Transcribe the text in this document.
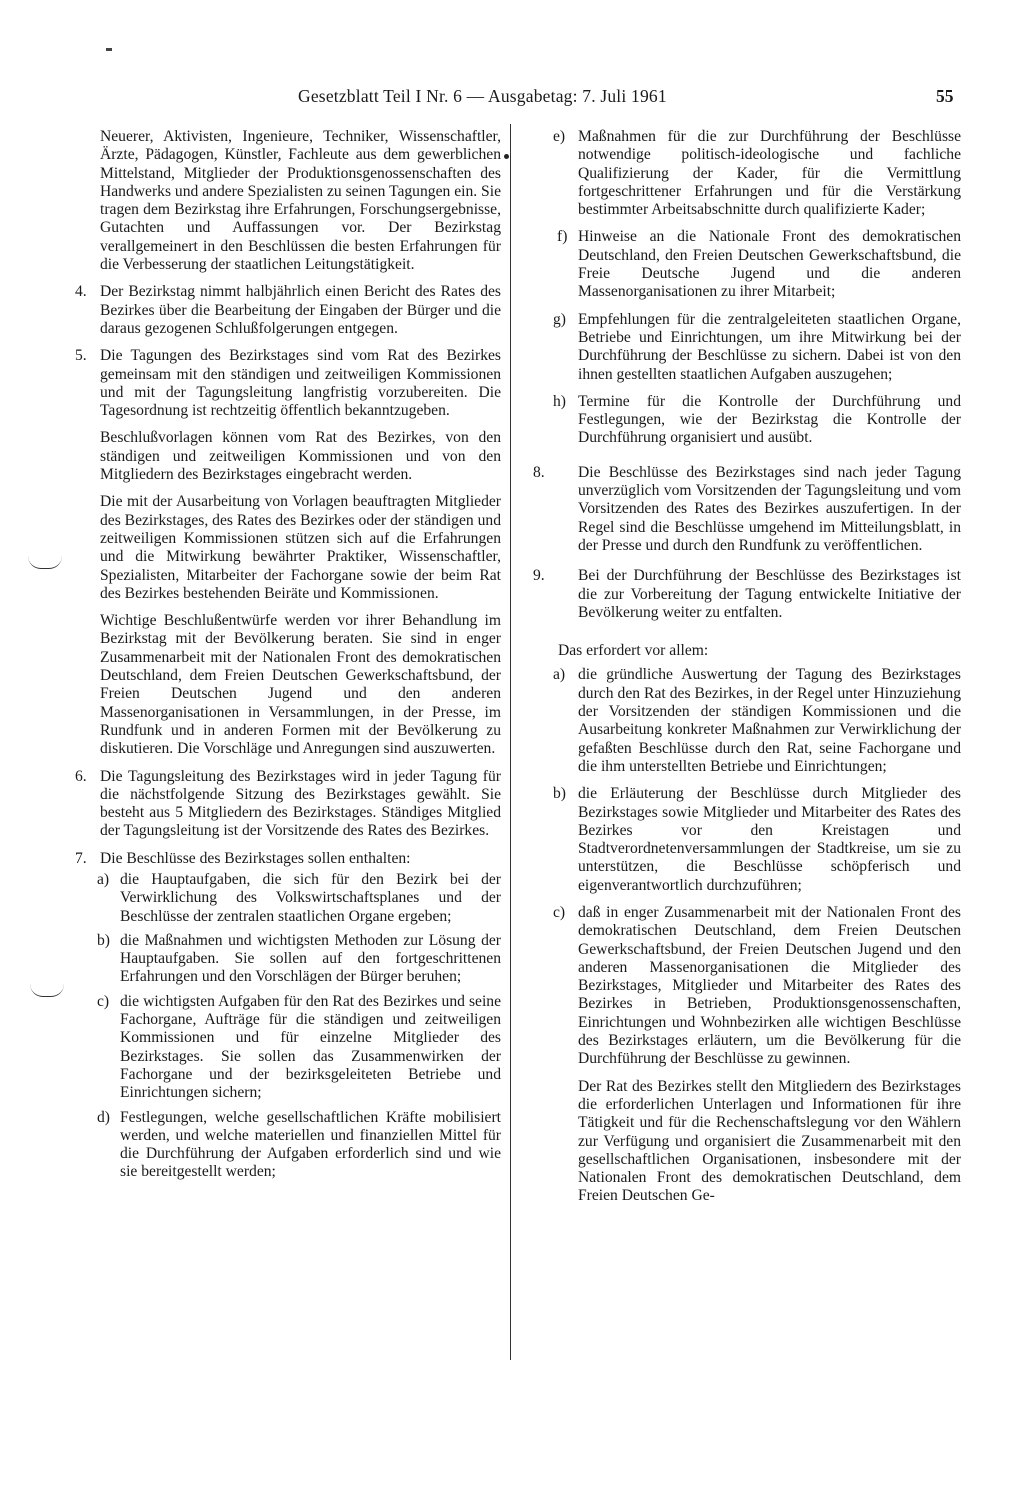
Gesetzblatt Teil I Nr. 6 — Ausgabetag: 7. Juli 1961	55
Neuerer, Aktivisten, Ingenieure, Techniker, Wissenschaftler, Ärzte, Pädagogen, Künstler, Fachleute aus dem gewerblichen Mittelstand, Mitglieder der Produktionsgenossenschaften des Handwerks und andere Spezialisten zu seinen Tagungen ein. Sie tragen dem Bezirkstag ihre Erfahrungen, Forschungsergebnisse, Gutachten und Auffassungen vor. Der Bezirkstag verallgemeinert in den Beschlüssen die besten Erfahrungen für die Verbesserung der staatlichen Leitungstätigkeit.
4. Der Bezirkstag nimmt halbjährlich einen Bericht des Rates des Bezirkes über die Bearbeitung der Eingaben der Bürger und die daraus gezogenen Schlußfolgerungen entgegen.
5. Die Tagungen des Bezirkstages sind vom Rat des Bezirkes gemeinsam mit den ständigen und zeitweiligen Kommissionen und mit der Tagungsleitung langfristig vorzubereiten. Die Tagesordnung ist rechtzeitig öffentlich bekanntzugeben.
Beschlußvorlagen können vom Rat des Bezirkes, von den ständigen und zeitweiligen Kommissionen und von den Mitgliedern des Bezirkstages eingebracht werden.
Die mit der Ausarbeitung von Vorlagen beauftragten Mitglieder des Bezirkstages, des Rates des Bezirkes oder der ständigen und zeitweiligen Kommissionen stützen sich auf die Erfahrungen und die Mitwirkung bewährter Praktiker, Wissenschaftler, Spezialisten, Mitarbeiter der Fachorgane sowie der beim Rat des Bezirkes bestehenden Beiräte und Kommissionen.
Wichtige Beschlußentwürfe werden vor ihrer Behandlung im Bezirkstag mit der Bevölkerung beraten. Sie sind in enger Zusammenarbeit mit der Nationalen Front des demokratischen Deutschland, dem Freien Deutschen Gewerkschaftsbund, der Freien Deutschen Jugend und den anderen Massenorganisationen in Versammlungen, in der Presse, im Rundfunk und in anderen Formen mit der Bevölkerung zu diskutieren. Die Vorschläge und Anregungen sind auszuwerten.
6. Die Tagungsleitung des Bezirkstages wird in jeder Tagung für die nächstfolgende Sitzung des Bezirkstages gewählt. Sie besteht aus 5 Mitgliedern des Bezirkstages. Ständiges Mitglied der Tagungsleitung ist der Vorsitzende des Rates des Bezirkes.
7. Die Beschlüsse des Bezirkstages sollen enthalten:
a) die Hauptaufgaben, die sich für den Bezirk bei der Verwirklichung des Volkswirtschaftsplanes und der Beschlüsse der zentralen staatlichen Organe ergeben;
b) die Maßnahmen und wichtigsten Methoden zur Lösung der Hauptaufgaben. Sie sollen auf den fortgeschrittenen Erfahrungen und den Vorschlägen der Bürger beruhen;
c) die wichtigsten Aufgaben für den Rat des Bezirkes und seine Fachorgane, Aufträge für die ständigen und zeitweiligen Kommissionen und für einzelne Mitglieder des Bezirkstages. Sie sollen das Zusammenwirken der Fachorgane und der bezirksgeleiteten Betriebe und Einrichtungen sichern;
d) Festlegungen, welche gesellschaftlichen Kräfte mobilisiert werden, und welche materiellen und finanziellen Mittel für die Durchführung der Aufgaben erforderlich sind und wie sie bereitgestellt werden;
e) Maßnahmen für die zur Durchführung der Beschlüsse notwendige politisch-ideologische und fachliche Qualifizierung der Kader, für die Vermittlung fortgeschrittener Erfahrungen und für die Verstärkung bestimmter Arbeitsabschnitte durch qualifizierte Kader;
f) Hinweise an die Nationale Front des demokratischen Deutschland, den Freien Deutschen Gewerkschaftsbund, die Freie Deutsche Jugend und die anderen Massenorganisationen zu ihrer Mitarbeit;
g) Empfehlungen für die zentralgeleiteten staatlichen Organe, Betriebe und Einrichtungen, um ihre Mitwirkung bei der Durchführung der Beschlüsse zu sichern. Dabei ist von den ihnen gestellten staatlichen Aufgaben auszugehen;
h) Termine für die Kontrolle der Durchführung und Festlegungen, wie der Bezirkstag die Kontrolle der Durchführung organisiert und ausübt.
8.	Die Beschlüsse des Bezirkstages sind nach jeder Tagung unverzüglich vom Vorsitzenden der Tagungsleitung und vom Vorsitzenden des Rates des Bezirkes auszufertigen. In der Regel sind die Beschlüsse umgehend im Mitteilungsblatt, in der Presse und durch den Rundfunk zu veröffentlichen.
9.	Bei der Durchführung der Beschlüsse des Bezirkstages ist die zur Vorbereitung der Tagung entwickelte Initiative der Bevölkerung weiter zu entfalten.
Das erfordert vor allem:
a) die gründliche Auswertung der Tagung des Bezirkstages durch den Rat des Bezirkes, in der Regel unter Hinzuziehung der Vorsitzenden der ständigen Kommissionen und die Ausarbeitung konkreter Maßnahmen zur Verwirklichung der gefaßten Beschlüsse durch den Rat, seine Fachorgane und die ihm unterstellten Betriebe und Einrichtungen;
b) die Erläuterung der Beschlüsse durch Mitglieder des Bezirkstages sowie Mitglieder und Mitarbeiter des Rates des Bezirkes vor den Kreistagen und Stadtverordnetenversammlungen der Stadtkreise, um sie zu unterstützen, die Beschlüsse schöpferisch und eigenverantwortlich durchzuführen;
c) daß in enger Zusammenarbeit mit der Nationalen Front des demokratischen Deutschland, dem Freien Deutschen Gewerkschaftsbund, der Freien Deutschen Jugend und den anderen Massenorganisationen die Mitglieder des Bezirkstages, Mitglieder und Mitarbeiter des Rates des Bezirkes in Betrieben, Produktionsgenossenschaften, Einrichtungen und Wohnbezirken alle wichtigen Beschlüsse des Bezirkstages erläutern, um die Bevölkerung für die Durchführung der Beschlüsse zu gewinnen.
Der Rat des Bezirkes stellt den Mitgliedern des Bezirkstages die erforderlichen Unterlagen und Informationen für ihre Tätigkeit und für die Rechenschaftslegung vor den Wählern zur Verfügung und organisiert die Zusammenarbeit mit den gesellschaftlichen Organisationen, insbesondere mit der Nationalen Front des demokratischen Deutschland, dem Freien Deutschen Ge-
